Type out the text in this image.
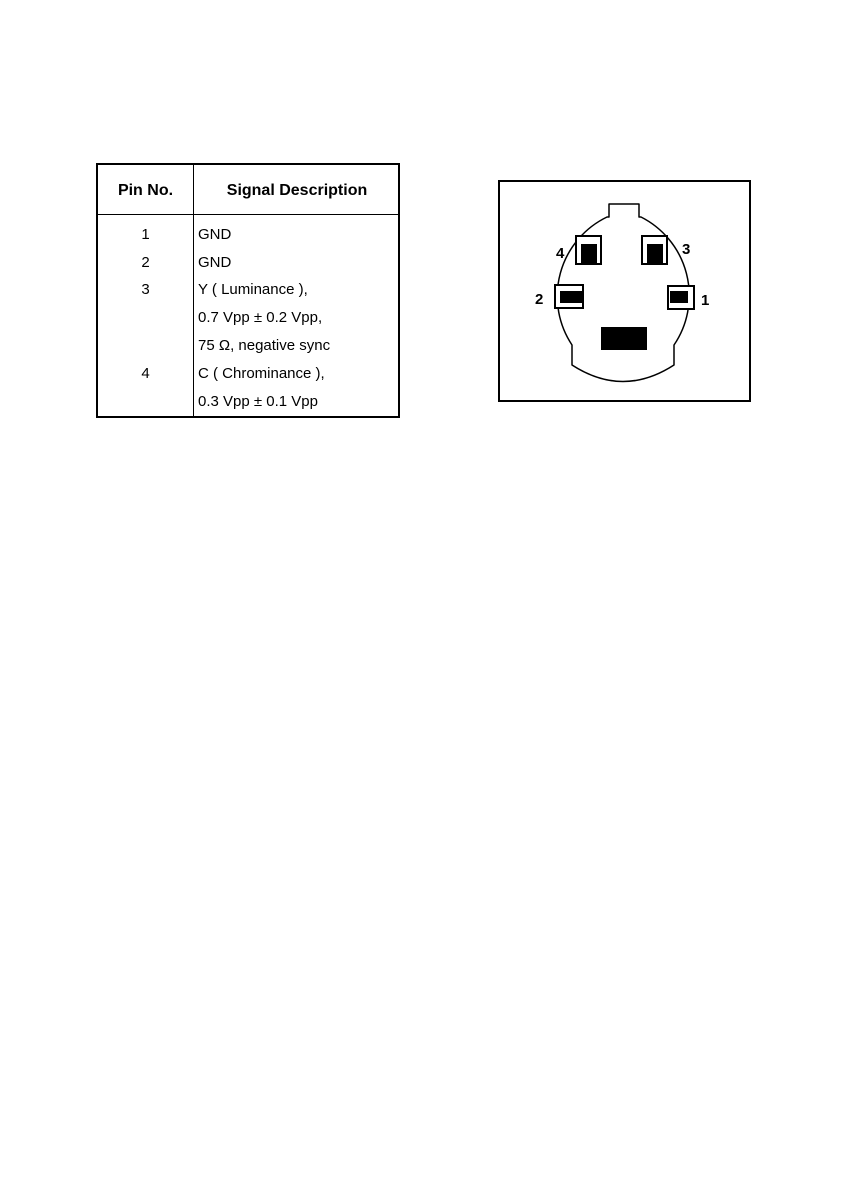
Pin No.	Signal Description
1	GND
2	GND
3	Y ( Luminance ),
0.7 Vpp ± 0.2 Vpp,
75 Ω, negative sync
4	C ( Chrominance ),
0.3 Vpp ± 0.1 Vpp
4	3
2	1
